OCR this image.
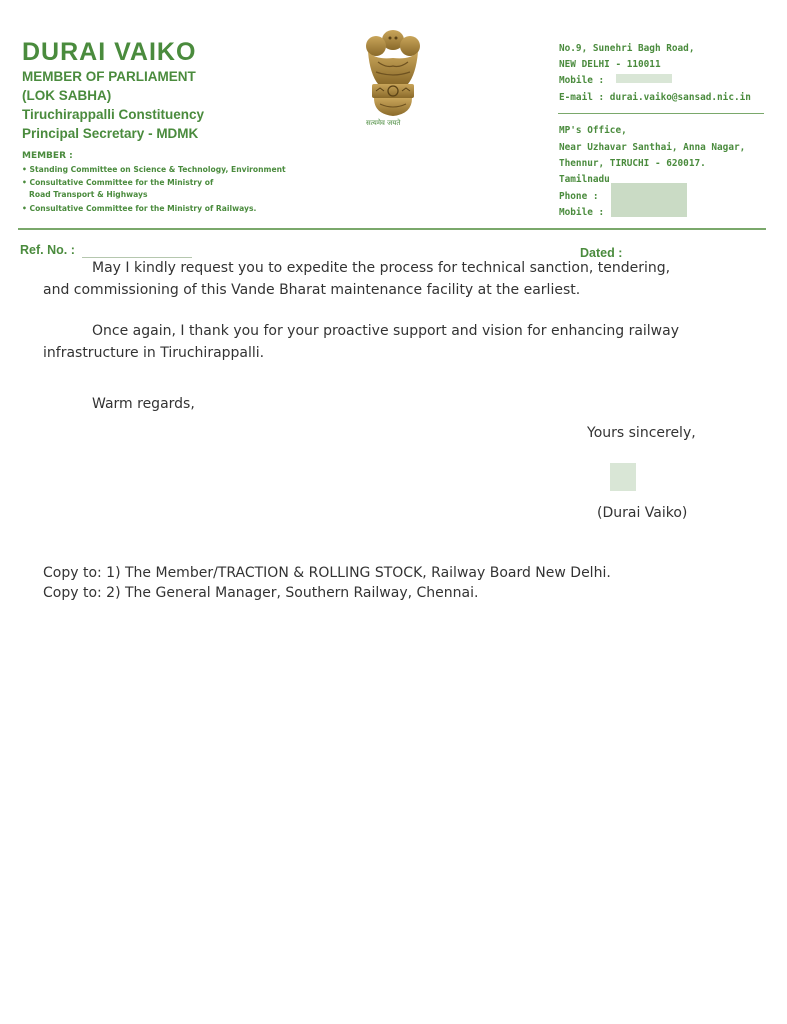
DURAI VAIKO
MEMBER OF PARLIAMENT
(LOK SABHA)
Tiruchirappalli Constituency
Principal Secretary - MDMK
MEMBER :
• Standing Committee on Science & Technology, Environment
• Consultative Committee for the Ministry of
Road Transport & Highways
• Consultative Committee for the Ministry of Railways.
सत्यमेव जयते
No.9, Sunehri Bagh Road,
NEW DELHI - 110011
Mobile :
E-mail : durai.vaiko@sansad.nic.in
MP's Office,
Near Uzhavar Santhai, Anna Nagar,
Thennur, TIRUCHI - 620017.
Tamilnadu
Phone :
Mobile :
Ref. No. :	Dated :
May I kindly request you to expedite the process for technical sanction, tendering,
and commissioning of this Vande Bharat maintenance facility at the earliest.
Once again, I thank you for your proactive support and vision for enhancing railway
infrastructure in Tiruchirappalli.
Warm regards,
Yours sincerely,
(Durai Vaiko)
Copy to: 1) The Member/TRACTION & ROLLING STOCK, Railway Board New Delhi.
Copy to: 2) The General Manager, Southern Railway, Chennai.
